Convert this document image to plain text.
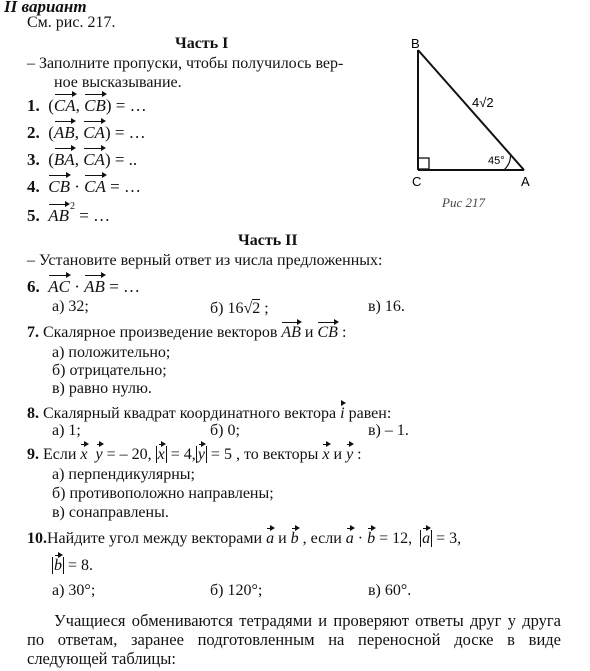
II вариант
См. рис. 217.
Часть I
– Заполните пропуски, чтобы получилось вер-
ное высказывание.
1.  (CA, CB) = …
2.  (AB, CA) = …
3.  (BA, CA) = ..
4. CB · CA = …
5. $AB^2$ = …
B
C	A
4√2
45°
Рис 217
Часть II
– Установите верный ответ из числа предложенных:
6. AC · AB = …
а) 32;	б) 16√2 ;	в) 16.
7. Скалярное произведение векторов AB и CB :
а) положительно;
б) отрицательно;
в) равно нулю.
8. Скалярный квадрат координатного вектора i равен:
а) 1;	б) 0;	в) – 1.
9. Если x y = – 20, x = 4, y = 5 , то векторы x и y :
а) перпендикулярны;
б) противоположно направлены;
в) сонаправлены.
10.Найдите угол между векторами a и b , если a · b = 12, a = 3,
b = 8.
а) 30°;	б) 120°;	в) 60°.
Учащиеся обмениваются тетрадями и проверяют ответы друг у друга по ответам, заранее подготовленным на переносной доске в виде следующей таблицы:
